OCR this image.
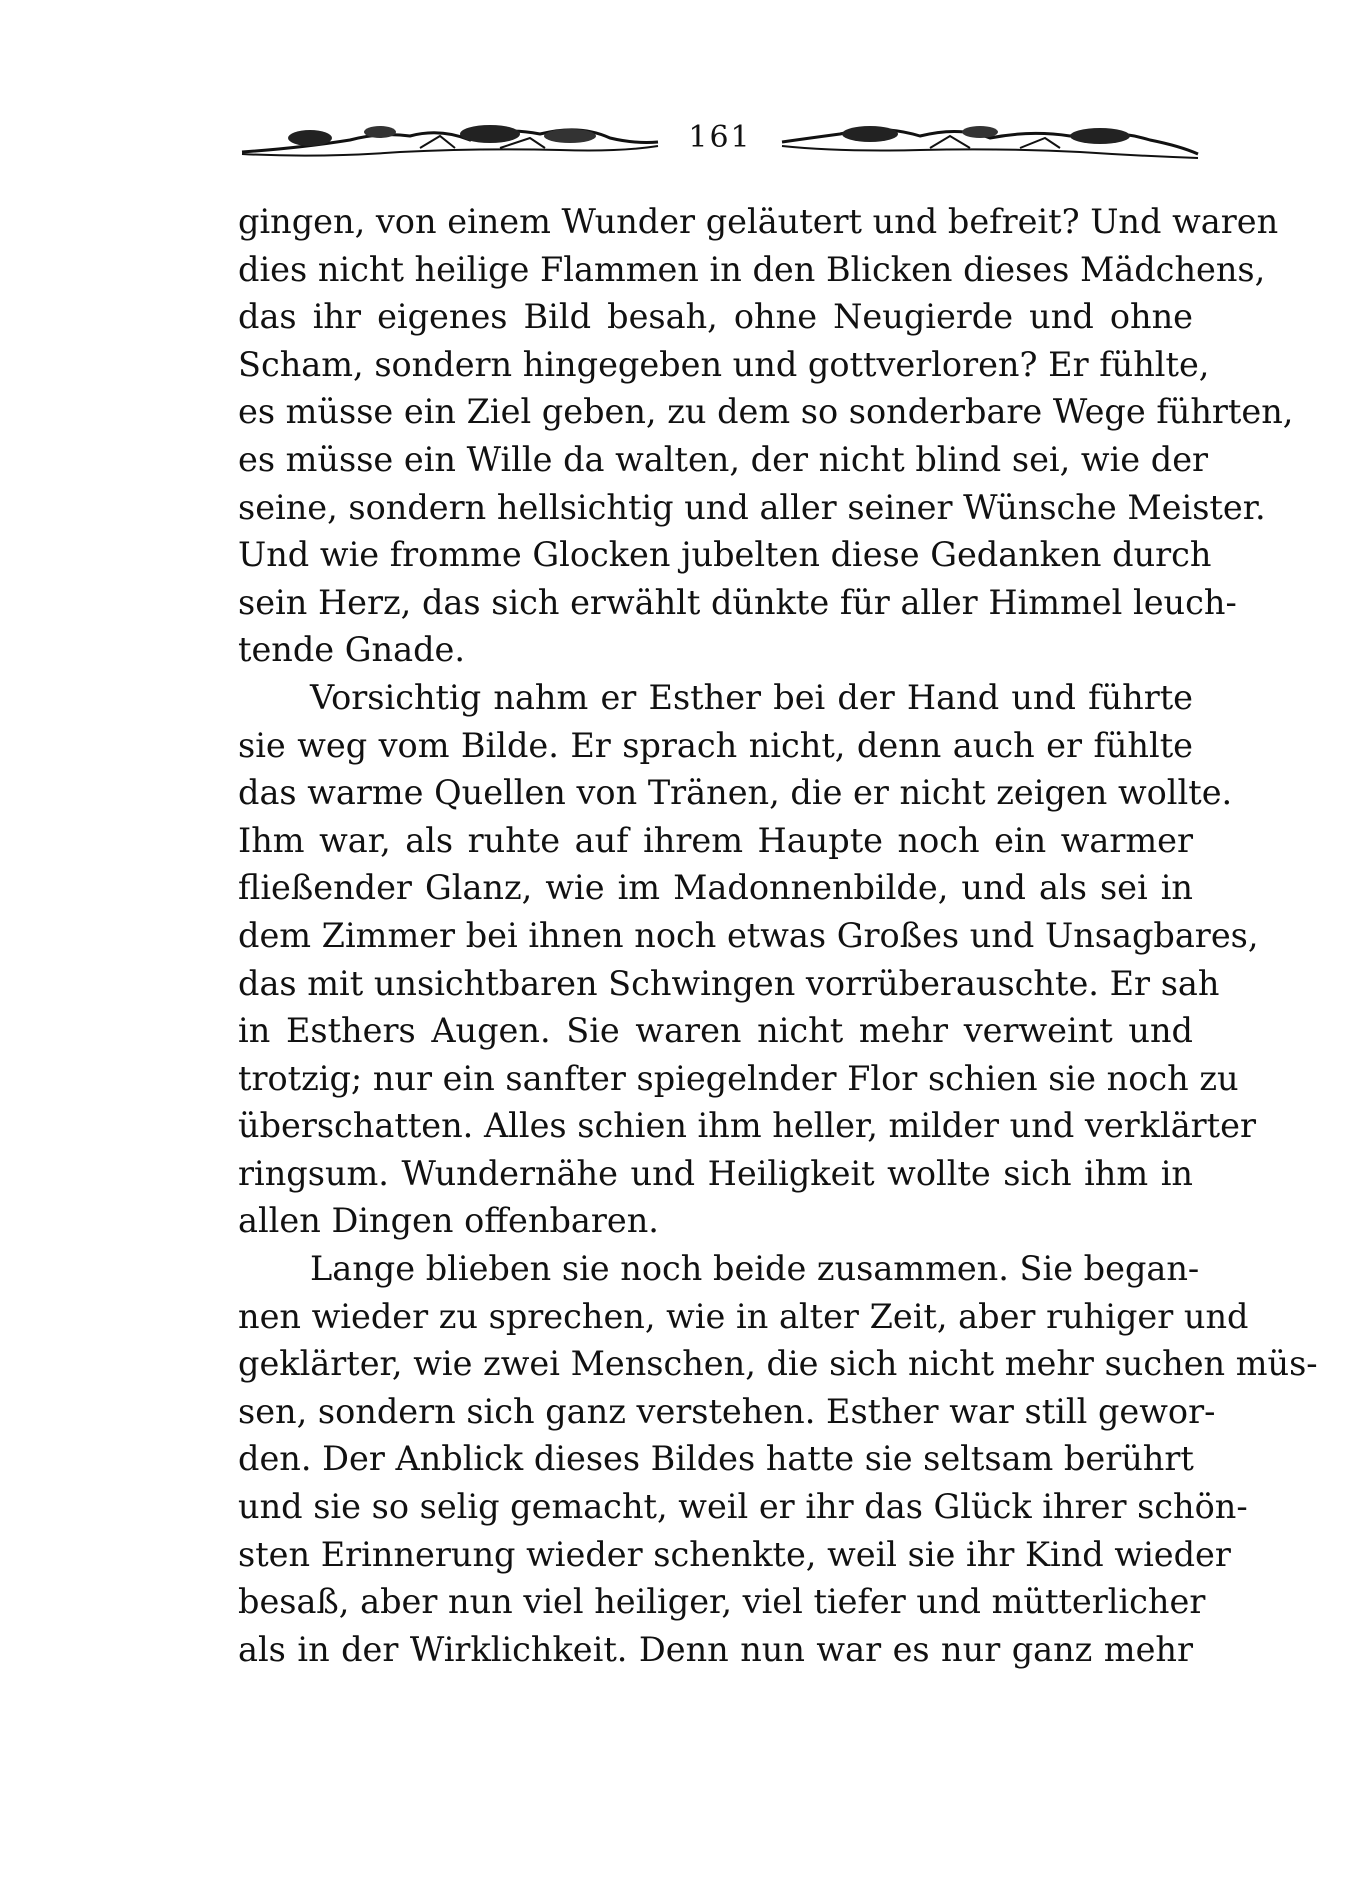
161
gingen, von einem Wunder geläutert und befreit? Und waren
dies nicht heilige Flammen in den Blicken dieses Mädchens,
das ihr eigenes Bild besah, ohne Neugierde und ohne
Scham, sondern hingegeben und gottverloren? Er fühlte,
es müsse ein Ziel geben, zu dem so sonderbare Wege führten,
es müsse ein Wille da walten, der nicht blind sei, wie der
seine, sondern hellsichtig und aller seiner Wünsche Meister.
Und wie fromme Glocken jubelten diese Gedanken durch
sein Herz, das sich erwählt dünkte für aller Himmel leuch-
tende Gnade.
Vorsichtig nahm er Esther bei der Hand und führte
sie weg vom Bilde. Er sprach nicht, denn auch er fühlte
das warme Quellen von Tränen, die er nicht zeigen wollte.
Ihm war, als ruhte auf ihrem Haupte noch ein warmer
fließender Glanz, wie im Madonnenbilde, und als sei in
dem Zimmer bei ihnen noch etwas Großes und Unsagbares,
das mit unsichtbaren Schwingen vorrüberauschte. Er sah
in Esthers Augen. Sie waren nicht mehr verweint und
trotzig; nur ein sanfter spiegelnder Flor schien sie noch zu
überschatten. Alles schien ihm heller, milder und verklärter
ringsum. Wundernähe und Heiligkeit wollte sich ihm in
allen Dingen offenbaren.
Lange blieben sie noch beide zusammen. Sie began-
nen wieder zu sprechen, wie in alter Zeit, aber ruhiger und
geklärter, wie zwei Menschen, die sich nicht mehr suchen müs-
sen, sondern sich ganz verstehen. Esther war still gewor-
den. Der Anblick dieses Bildes hatte sie seltsam berührt
und sie so selig gemacht, weil er ihr das Glück ihrer schön-
sten Erinnerung wieder schenkte, weil sie ihr Kind wieder
besaß, aber nun viel heiliger, viel tiefer und mütterlicher
als in der Wirklichkeit. Denn nun war es nur ganz mehr
